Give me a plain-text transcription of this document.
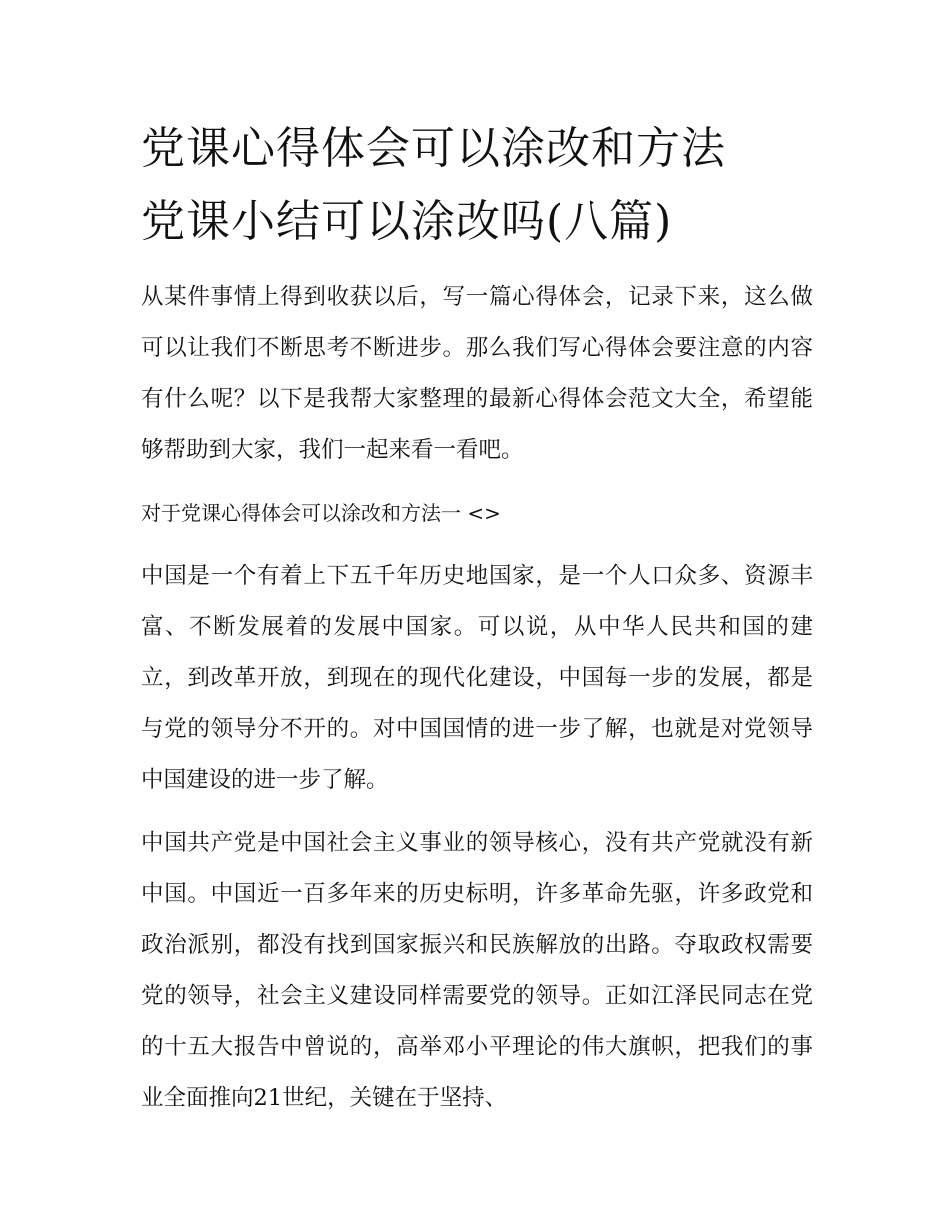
党课心得体会可以涂改和方法
党课小结可以涂改吗(八篇)

从某件事情上得到收获以后，写一篇心得体会，记录下来，这么做可以让我们不断思考不断进步。那么我们写心得体会要注意的内容有什么呢？以下是我帮大家整理的最新心得体会范文大全，希望能够帮助到大家，我们一起来看一看吧。

对于党课心得体会可以涂改和方法一 <>

中国是一个有着上下五千年历史地国家，是一个人口众多、资源丰富、不断发展着的发展中国家。可以说，从中华人民共和国的建立，到改革开放，到现在的现代化建设，中国每一步的发展，都是与党的领导分不开的。对中国国情的进一步了解，也就是对党领导中国建设的进一步了解。

中国共产党是中国社会主义事业的领导核心，没有共产党就没有新中国。中国近一百多年来的历史标明，许多革命先驱，许多政党和政治派别，都没有找到国家振兴和民族解放的出路。夺取政权需要党的领导，社会主义建设同样需要党的领导。正如江泽民同志在党的十五大报告中曾说的，高举邓小平理论的伟大旗帜，把我们的事业全面推向21世纪，关键在于坚持、
